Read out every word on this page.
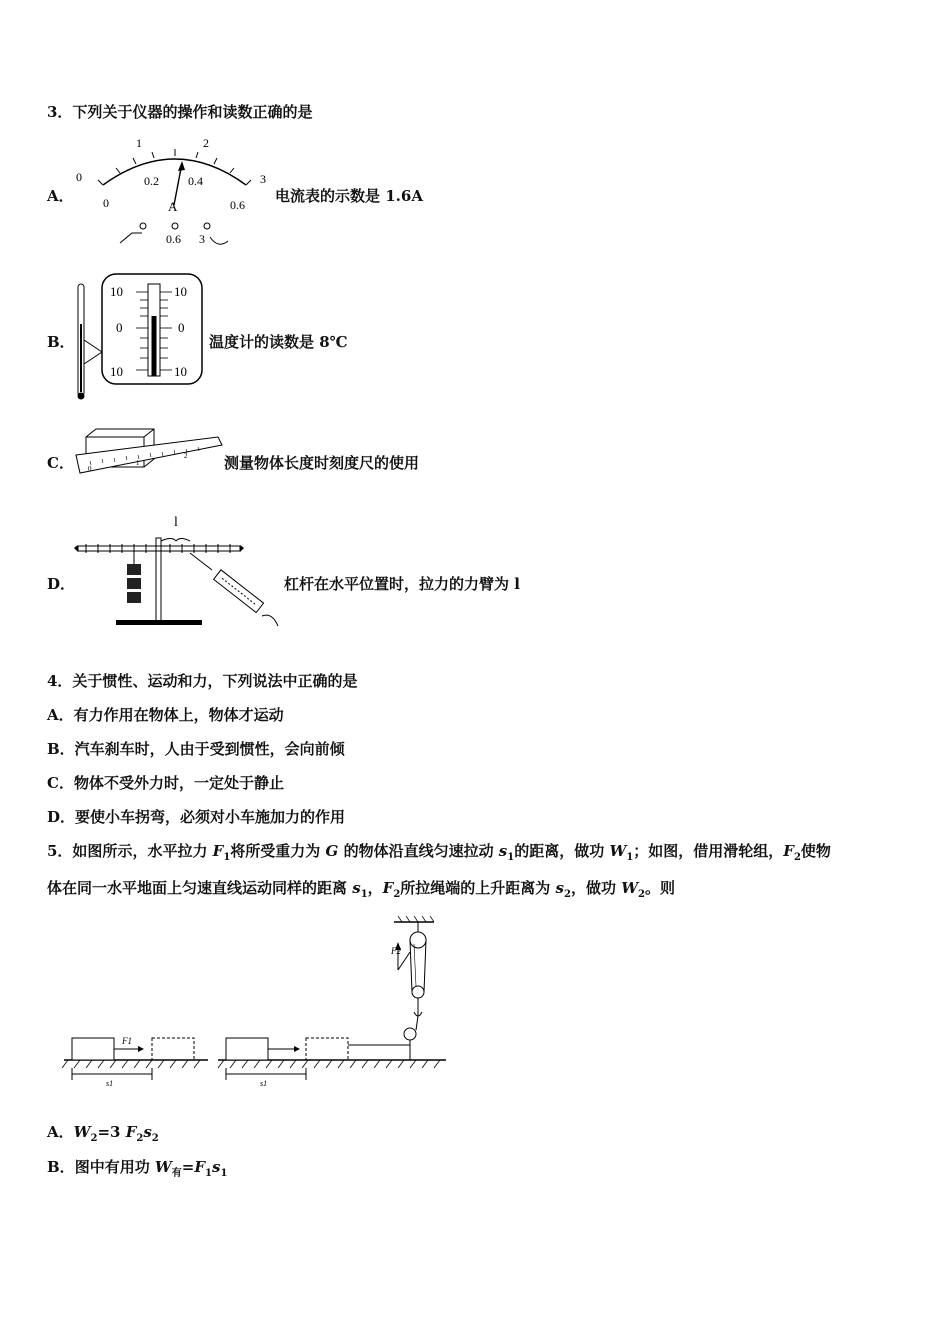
3．下列关于仪器的操作和读数正确的是
A．
0
1	2
3
0
0.2 0.4
0.6
A
0.6 3
电流表的示数是 1.6A
B．
10	10
0	0
10	10
温度计的读数是 8℃
C． 0
1
2 测量物体长度时刻度尺的使用
D．
l
杠杆在水平位置时，拉力的力臂为 l
4．关于惯性、运动和力，下列说法中正确的是
A．有力作用在物体上，物体才运动
B．汽车刹车时，人由于受到惯性，会向前倾
C．物体不受外力时，一定处于静止
D．要使小车拐弯，必须对小车施加力的作用
5．如图所示，水平拉力 $F_1$将所受重力为 G 的物体沿直线匀速拉动 $s_1$的距离，做功 $W_1$；如图，借用滑轮组，$F_2$使物
体在同一水平地面上匀速直线运动同样的距离 $s_1$，$F_2$所拉绳端的上升距离为 $s_2$，做功 $W_2$。则
F1
s1	s1
F2
A．$W_2=3$ $F_2s_2$
B．图中有用功 $W_有=F_1s_1$
